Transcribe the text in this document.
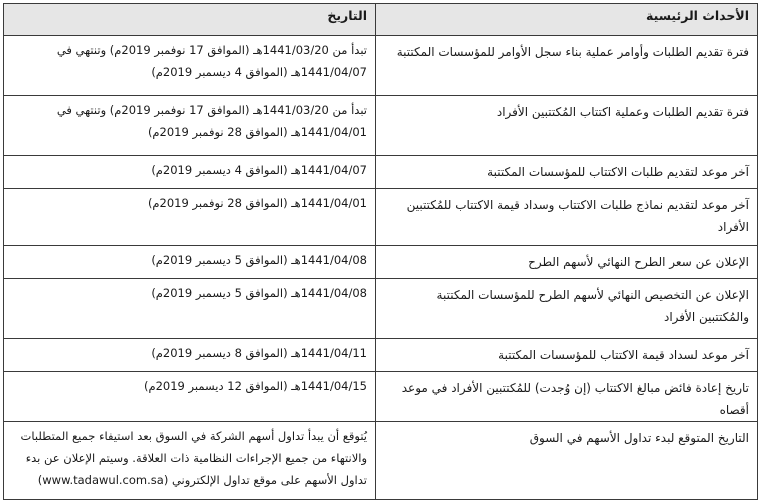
الأحداث الرئيسية	التاريخ
فترة تقديم الطلبات وأوامر عملية بناء سجل الأوامر للمؤسسات المكتتبة	تبدأ من 1441/03/20هـ (الموافق 17 نوفمبر 2019م) وتنتهي في 1441/04/07هـ (الموافق 4 ديسمبر 2019م)
فترة تقديم الطلبات وعملية اكتتاب المُكتتبين الأفراد	تبدأ من 1441/03/20هـ (الموافق 17 نوفمبر 2019م) وتنتهي في 1441/04/01هـ (الموافق 28 نوفمبر 2019م)
آخر موعد لتقديم طلبات الاكتتاب للمؤسسات المكتتبة	1441/04/07هـ (الموافق 4 ديسمبر 2019م)
آخر موعد لتقديم نماذج طلبات الاكتتاب وسداد قيمة الاكتتاب للمُكتتبين الأفراد	1441/04/01هـ (الموافق 28 نوفمبر 2019م)
الإعلان عن سعر الطرح النهائي لأسهم الطرح	1441/04/08هـ (الموافق 5 ديسمبر 2019م)
الإعلان عن التخصيص النهائي لأسهم الطرح للمؤسسات المكتتبة والمُكتتبين الأفراد	1441/04/08هـ (الموافق 5 ديسمبر 2019م)
آخر موعد لسداد قيمة الاكتتاب للمؤسسات المكتتبة	1441/04/11هـ (الموافق 8 ديسمبر 2019م)
تاريخ إعادة فائض مبالغ الاكتتاب (إن وُجدت) للمُكتتبين الأفراد في موعد أقصاه	1441/04/15هـ (الموافق 12 ديسمبر 2019م)
التاريخ المتوقع لبدء تداول الأسهم في السوق	يُتوقع أن يبدأ تداول أسهم الشركة في السوق بعد استيفاء جميع المتطلبات والانتهاء من جميع الإجراءات النظامية ذات العلاقة. وسيتم الإعلان عن بدء تداول الأسهم على موقع تداول الإلكتروني (www.tadawul.com.sa)
